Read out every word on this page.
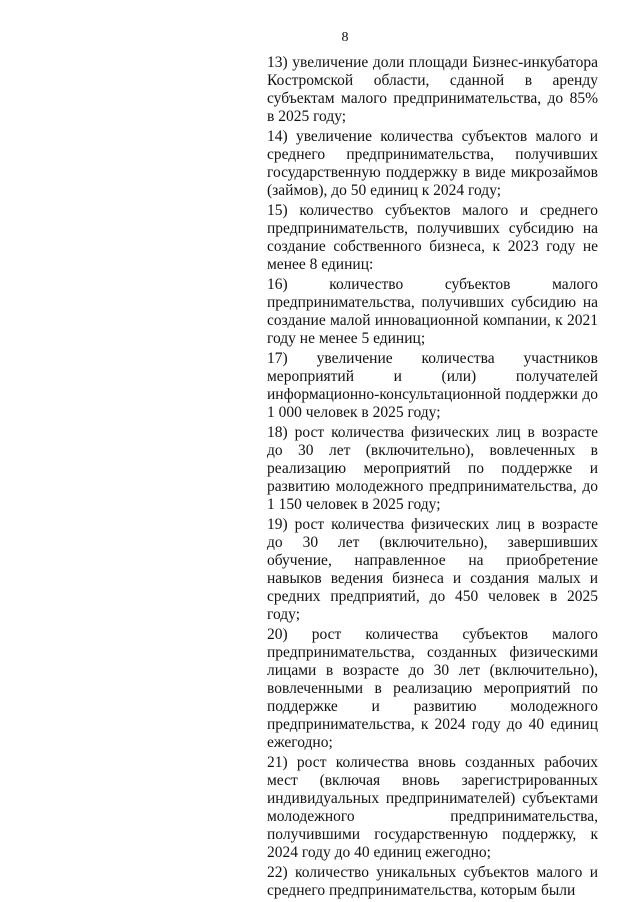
8

13) увеличение доли площади Бизнес-инкубатора Костромской области, сданной в аренду субъектам малого предпринимательства, до 85% в 2025 году;

14) увеличение количества субъектов малого и среднего предпринимательства, получивших государственную поддержку в виде микрозаймов (займов), до 50 единиц к 2024 году;

15) количество субъектов малого и среднего предпринимательств, получивших субсидию на создание собственного бизнеса, к 2023 году не менее 8 единиц:

16) количество субъектов малого предпринимательства, получивших субсидию на создание малой инновационной компании, к 2021 году не менее 5 единиц;

17) увеличение количества участников мероприятий и (или) получателей информационно-консультационной поддержки до 1 000 человек в 2025 году;

18) рост количества физических лиц в возрасте до 30 лет (включительно), вовлеченных в реализацию мероприятий по поддержке и развитию молодежного предпринимательства, до 1 150 человек в 2025 году;

19) рост количества физических лиц в возрасте до 30 лет (включительно), завершивших обучение, направленное на приобретение навыков ведения бизнеса и создания малых и средних предприятий, до 450 человек в 2025 году;

20) рост количества субъектов малого предпринимательства, созданных физическими лицами в возрасте до 30 лет (включительно), вовлеченными в реализацию мероприятий по поддержке и развитию молодежного предпринимательства, к 2024 году до 40 единиц ежегодно;

21) рост количества вновь созданных рабочих мест (включая вновь зарегистрированных индивидуальных предпринимателей) субъектами молодежного предпринимательства, получившими государственную поддержку, к 2024 году до 40 единиц ежегодно;

22) количество уникальных субъектов малого и среднего предпринимательства, которым были
